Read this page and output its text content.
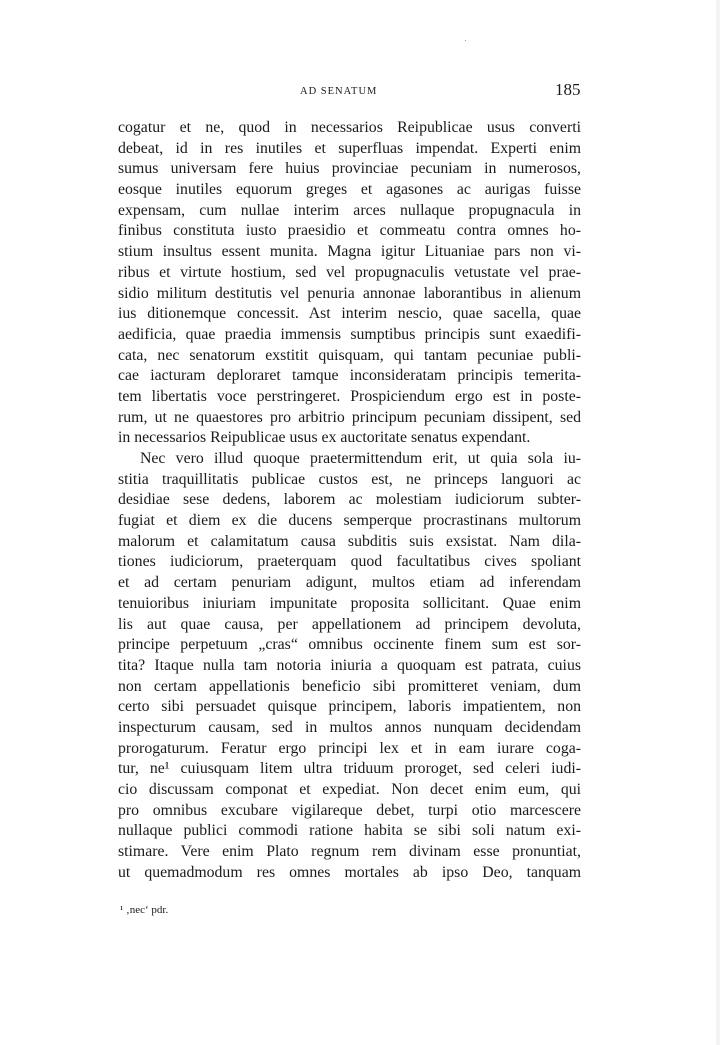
AD SENATUM	185
cogatur et ne, quod in necessarios Reipublicae usus converti
debeat, id in res inutiles et superfluas impendat. Experti enim
sumus universam fere huius provinciae pecuniam in numerosos,
eosque inutiles equorum greges et agasones ac aurigas fuisse
expensam, cum nullae interim arces nullaque propugnacula in
finibus constituta iusto praesidio et commeatu contra omnes ho-
stium insultus essent munita. Magna igitur Lituaniae pars non vi-
ribus et virtute hostium, sed vel propugnaculis vetustate vel prae-
sidio militum destitutis vel penuria annonae laborantibus in alienum
ius ditionemque concessit. Ast interim nescio, quae sacella, quae
aedificia, quae praedia immensis sumptibus principis sunt exaedifi-
cata, nec senatorum exstitit quisquam, qui tantam pecuniae publi-
cae iacturam deploraret tamque inconsideratam principis temerita-
tem libertatis voce perstringeret. Prospiciendum ergo est in poste-
rum, ut ne quaestores pro arbitrio principum pecuniam dissipent, sed
in necessarios Reipublicae usus ex auctoritate senatus expendant.
Nec vero illud quoque praetermittendum erit, ut quia sola iu-
stitia traquillitatis publicae custos est, ne princeps languori ac
desidiae sese dedens, laborem ac molestiam iudiciorum subter-
fugiat et diem ex die ducens semperque procrastinans multorum
malorum et calamitatum causa subditis suis exsistat. Nam dila-
tiones iudiciorum, praeterquam quod facultatibus cives spoliant
et ad certam penuriam adigunt, multos etiam ad inferendam
tenuioribus iniuriam impunitate proposita sollicitant. Quae enim
lis aut quae causa, per appellationem ad principem devoluta,
principe perpetuum „cras“ omnibus occinente finem sum est sor-
tita? Itaque nulla tam notoria iniuria a quoquam est patrata, cuius
non certam appellationis beneficio sibi promitteret veniam, dum
certo sibi persuadet quisque principem, laboris impatientem, non
inspecturum causam, sed in multos annos nunquam decidendam
prorogaturum. Feratur ergo principi lex et in eam iurare coga-
tur, ne¹ cuiusquam litem ultra triduum proroget, sed celeri iudi-
cio discussam componat et expediat. Non decet enim eum, qui
pro omnibus excubare vigilareque debet, turpi otio marcescere
nullaque publici commodi ratione habita se sibi soli natum exi-
stimare. Vere enim Plato regnum rem divinam esse pronuntiat,
ut quemadmodum res omnes mortales ab ipso Deo, tanquam
¹ ‚nec‘ pdr.
